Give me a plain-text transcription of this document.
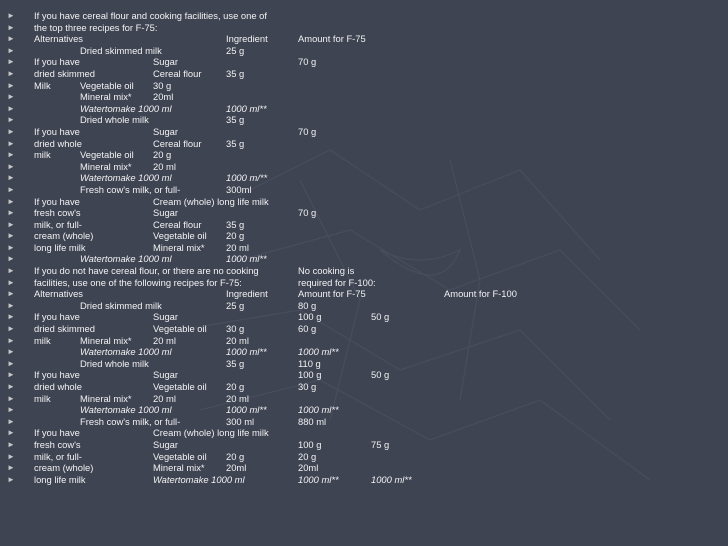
► If you have cereal flour and cooking facilities, use one of
► the top three recipes for F-75:
► Alternatives	Ingredient	Amount for F-75
►	Dried skimmed milk	25 g
► If you have	Sugar	70 g
► dried skimmed	Cereal flour	35 g
► Milk	Vegetable oil 30 g
►	Mineral mix* 20ml
►	Watertomake 1000 ml	1000 ml**
►	Dried whole milk	35 g
► If you have	Sugar	70 g
► dried whole	Cereal flour	35 g
► milk	Vegetable oil 20 g
►	Mineral mix* 20 ml
►	Watertomake 1000 ml	1000 m/**
►	Fresh cow's milk, or full-	300ml
► If you have	Cream (whole) long life milk
► fresh cow's	Sugar	70 g
► milk, or full-	Cereal flour	35 g
► cream (whole)	Vegetable oil 20 g
► long life milk	Mineral mix* 20 ml
►	Watertomake 1000 ml	1000 ml**
► If you do not have cereal flour, or there are no cooking	No cooking is
► facilities, use one of the following recipes for F-75:	required for F-100:
► Alternatives	Ingredient	Amount for F-75	Amount for F-100
►	Dried skimmed milk	25 g	80 g
► If you have	Sugar	100 g	50 g
► dried skimmed	Vegetable oil 30 g	60 g
► milk	Mineral mix* 20 ml	20 ml
►	Watertomake 1000 ml	1000 ml**	1000 ml**
►	Dried whole milk	35 g	110 g
► If you have	Sugar	100 g	50 g
► dried whole	Vegetable oil 20 g	30 g
► milk	Mineral mix* 20 ml	20 ml
►	Watertomake 1000 ml	1000 ml**	1000 ml**
►	Fresh cow's milk, or full-	300 ml	880 ml
► If you have	Cream (whole) long life milk
► fresh cow's	Sugar	100 g	75 g
► milk, or full-	Vegetable oil 20 g	20 g
► cream (whole)	Mineral mix* 20ml	20ml
► long life milk	Watertomake 1000 ml	1000 ml**	1000 ml**
